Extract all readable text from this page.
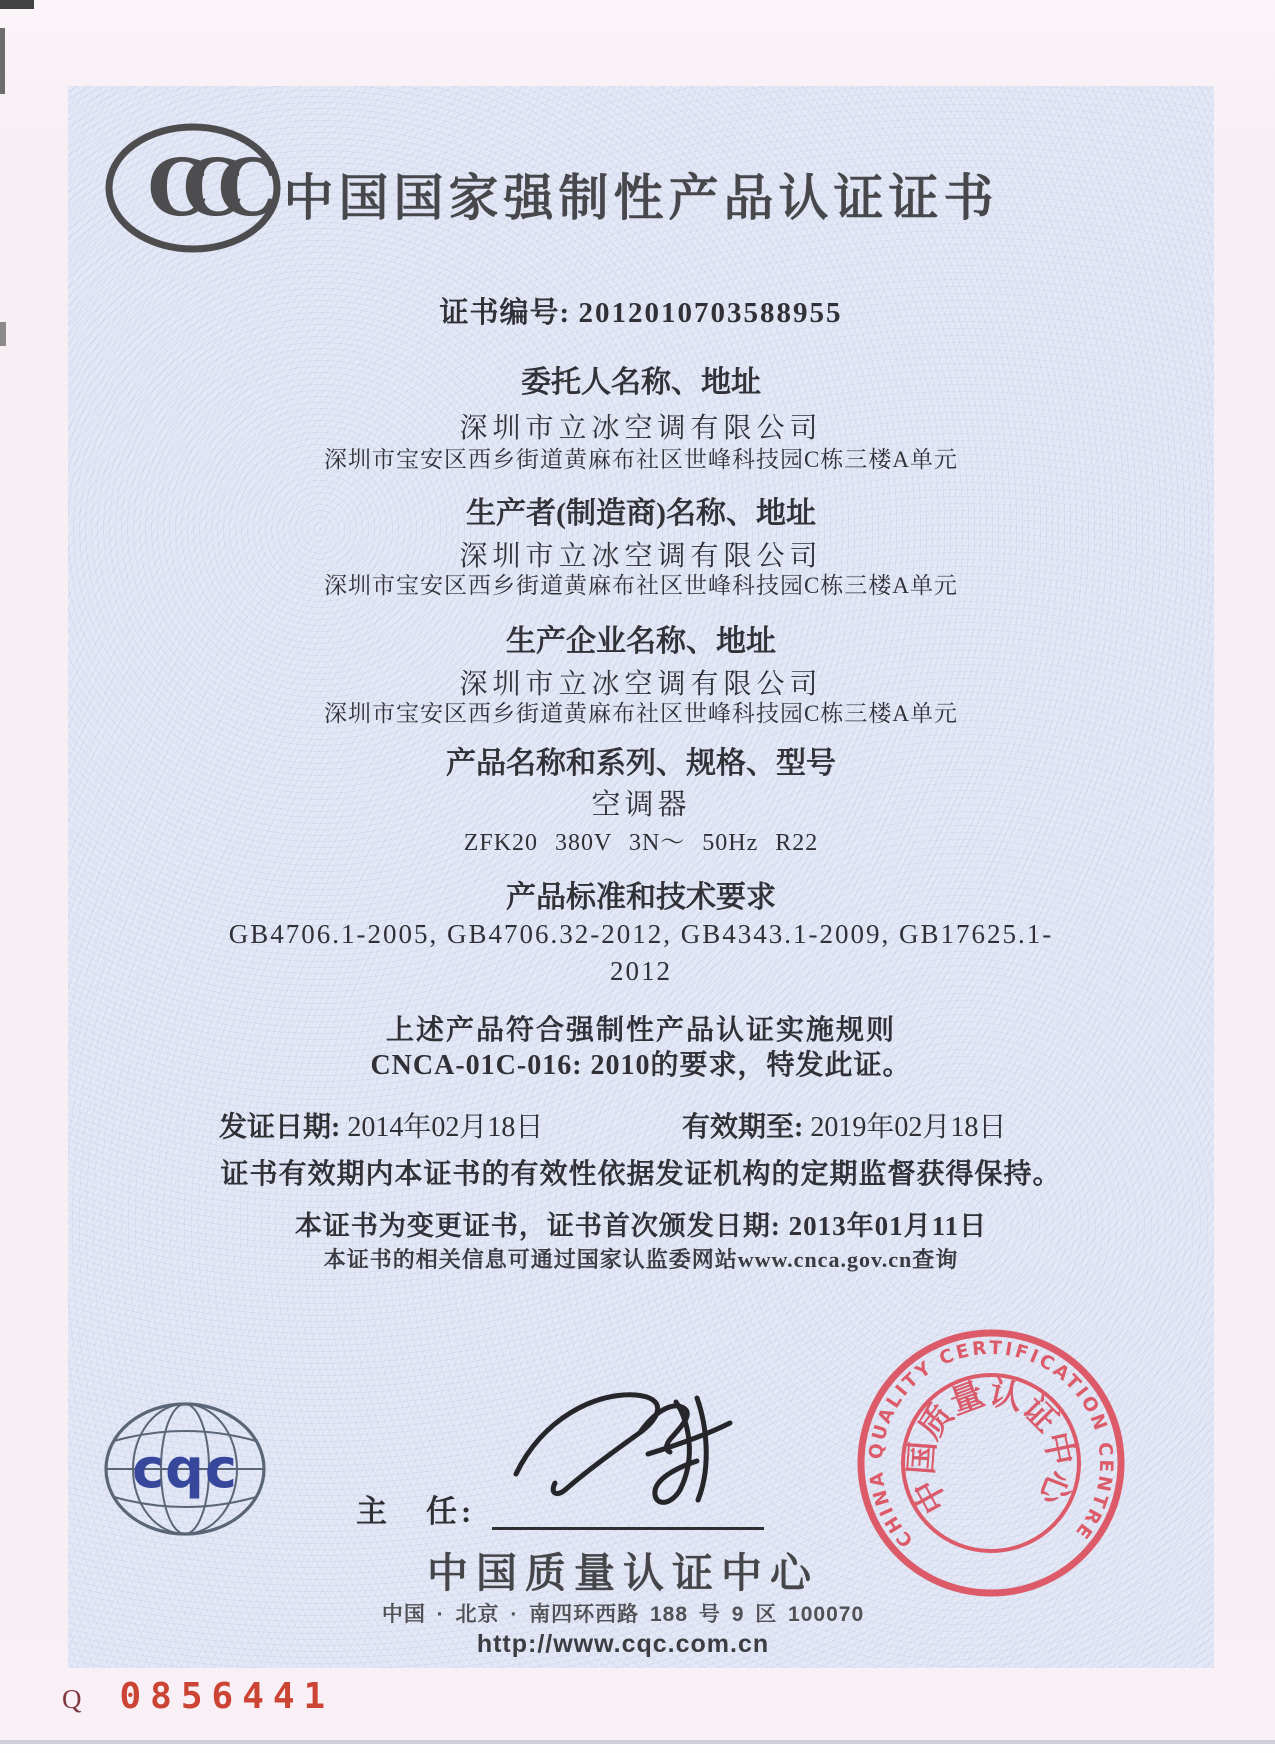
CCC 中国国家强制性产品认证证书
证书编号: 2012010703588955
委托人名称、地址
深圳市立冰空调有限公司
深圳市宝安区西乡街道黄麻布社区世峰科技园C栋三楼A单元
生产者(制造商)名称、地址
深圳市立冰空调有限公司
深圳市宝安区西乡街道黄麻布社区世峰科技园C栋三楼A单元
生产企业名称、地址
深圳市立冰空调有限公司
深圳市宝安区西乡街道黄麻布社区世峰科技园C栋三楼A单元
产品名称和系列、规格、型号
空调器
ZFK20 380V 3N～ 50Hz R22
产品标准和技术要求
GB4706.1-2005, GB4706.32-2012, GB4343.1-2009, GB17625.1-
2012
上述产品符合强制性产品认证实施规则
CNCA-01C-016: 2010的要求，特发此证。
发证日期: 2014年02月18日	有效期至: 2019年02月18日
证书有效期内本证书的有效性依据发证机构的定期监督获得保持。
本证书为变更证书，证书首次颁发日期: 2013年01月11日
本证书的相关信息可通过国家认监委网站www.cnca.gov.cn查询
cqc
主　任:
中国质量认证中心
中国 · 北京 · 南四环西路 188 号 9 区 100070
http://www.cqc.com.cn
CHINA QUALITY CERTIFICATION CENTRE
中国质量认证中心
Q 0856441
